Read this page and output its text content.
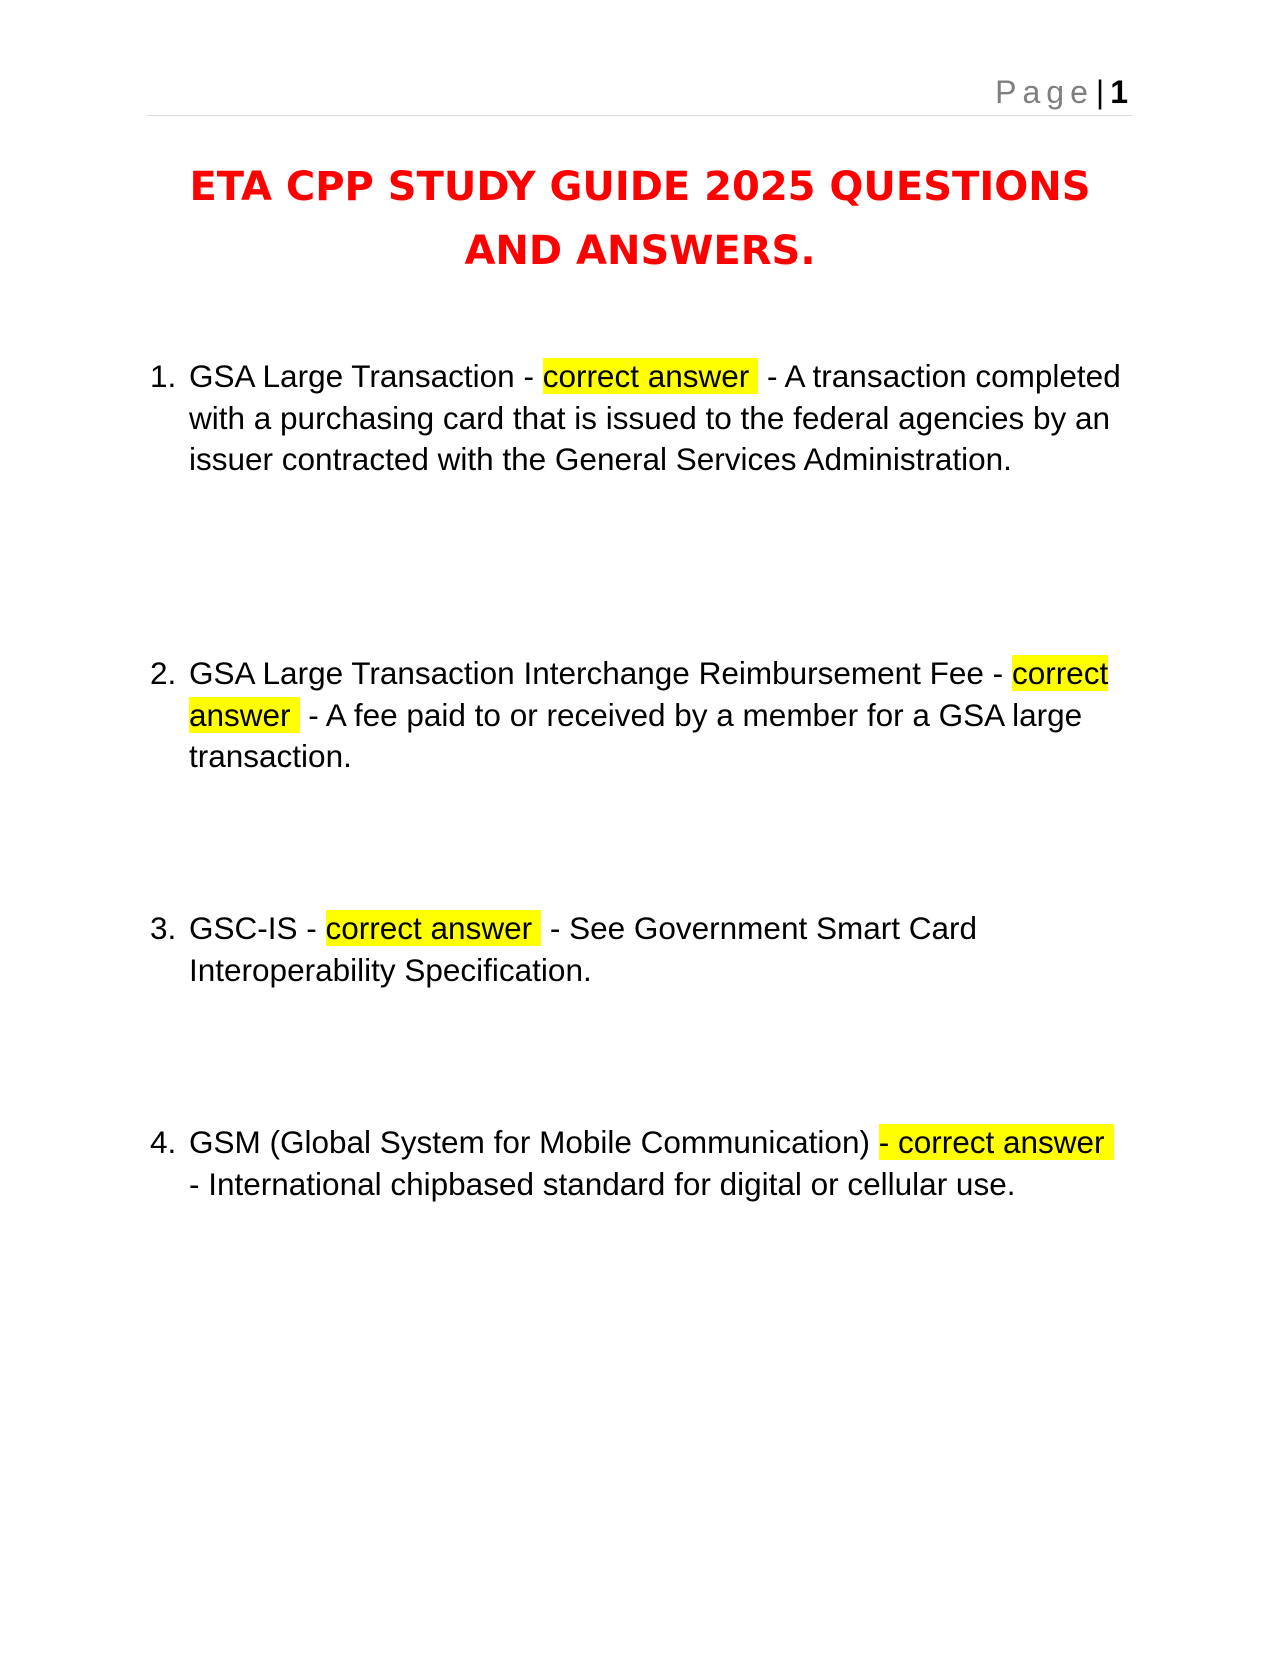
Page| 1
ETA CPP STUDY GUIDE 2025 QUESTIONS
AND ANSWERS.
1. GSA Large Transaction - correct answer - A transaction completed with a purchasing card that is issued to the federal agencies by an issuer contracted with the General Services Administration.
2. GSA Large Transaction Interchange Reimbursement Fee - correct answer - A fee paid to or received by a member for a GSA large transaction.
3. GSC-IS - correct answer - See Government Smart Card Interoperability Specification.
4. GSM (Global System for Mobile Communication) - correct answer - International chipbased standard for digital or cellular use.
